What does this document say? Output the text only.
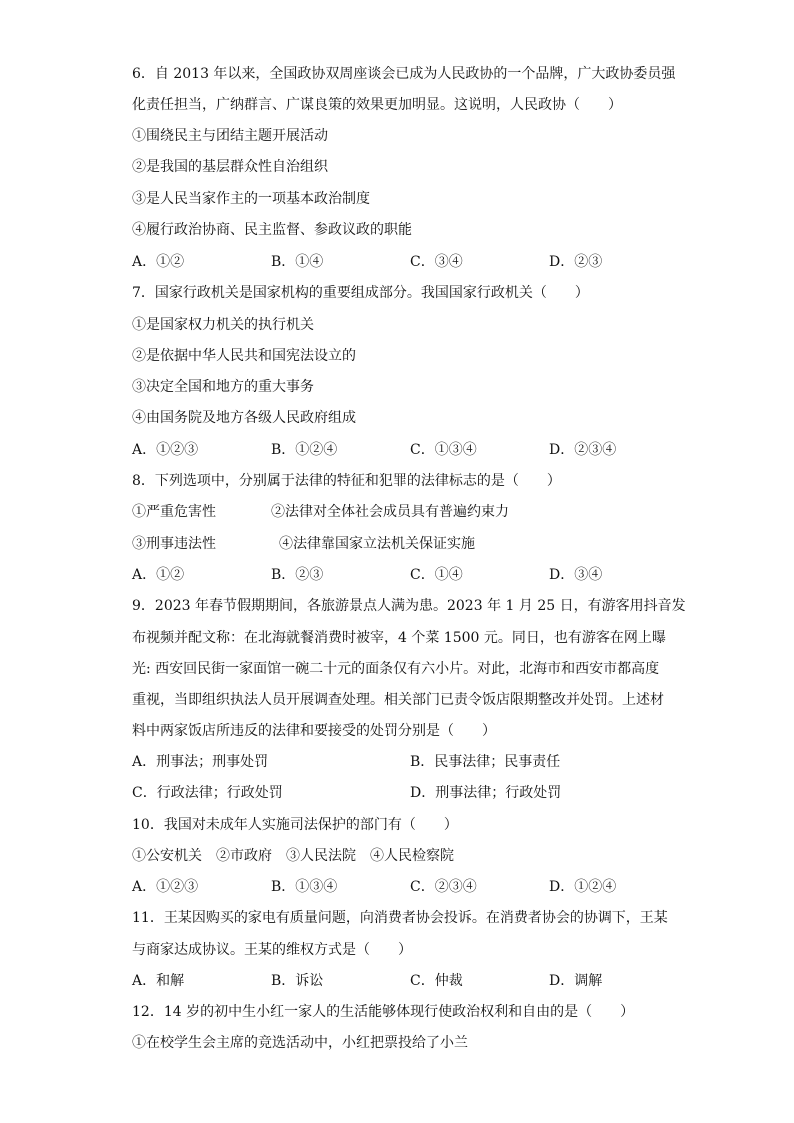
6．自 2013 年以来，全国政协双周座谈会已成为人民政协的一个品牌，广大政协委员强
化责任担当，广纳群言、广谋良策的效果更加明显。这说明，人民政协（　　）
①围绕民主与团结主题开展活动
②是我国的基层群众性自治组织
③是人民当家作主的一项基本政治制度
④履行政治协商、民主监督、参政议政的职能
A．①②	B．①④	C．③④	D．②③
7．国家行政机关是国家机构的重要组成部分。我国国家行政机关（　　）
①是国家权力机关的执行机关
②是依据中华人民共和国宪法设立的
③决定全国和地方的重大事务
④由国务院及地方各级人民政府组成
A．①②③	B．①②④	C．①③④	D．②③④
8．下列选项中，分别属于法律的特征和犯罪的法律标志的是（　　）
①严重危害性	②法律对全体社会成员具有普遍约束力
③刑事违法性	④法律靠国家立法机关保证实施
A．①②	B．②③	C．①④	D．③④
9．2023 年春节假期期间，各旅游景点人满为患。2023 年 1 月 25 日，有游客用抖音发
布视频并配文称：在北海就餐消费时被宰，4 个菜 1500 元。同日，也有游客在网上曝
光: 西安回民街一家面馆一碗二十元的面条仅有六小片。对此，北海市和西安市都高度
重视，当即组织执法人员开展调查处理。相关部门已责令饭店限期整改并处罚。上述材
料中两家饭店所违反的法律和要接受的处罚分别是（　　）
A．刑事法；刑事处罚	B．民事法律；民事责任
C．行政法律；行政处罚	D．刑事法律；行政处罚
10．我国对未成年人实施司法保护的部门有（　　）
①公安机关　②市政府　③人民法院　④人民检察院
A．①②③	B．①③④	C．②③④	D．①②④
11．王某因购买的家电有质量问题，向消费者协会投诉。在消费者协会的协调下，王某
与商家达成协议。王某的维权方式是（　　）
A．和解	B．诉讼	C．仲裁	D．调解
12．14 岁的初中生小红一家人的生活能够体现行使政治权利和自由的是（　　）
①在校学生会主席的竞选活动中，小红把票投给了小兰
